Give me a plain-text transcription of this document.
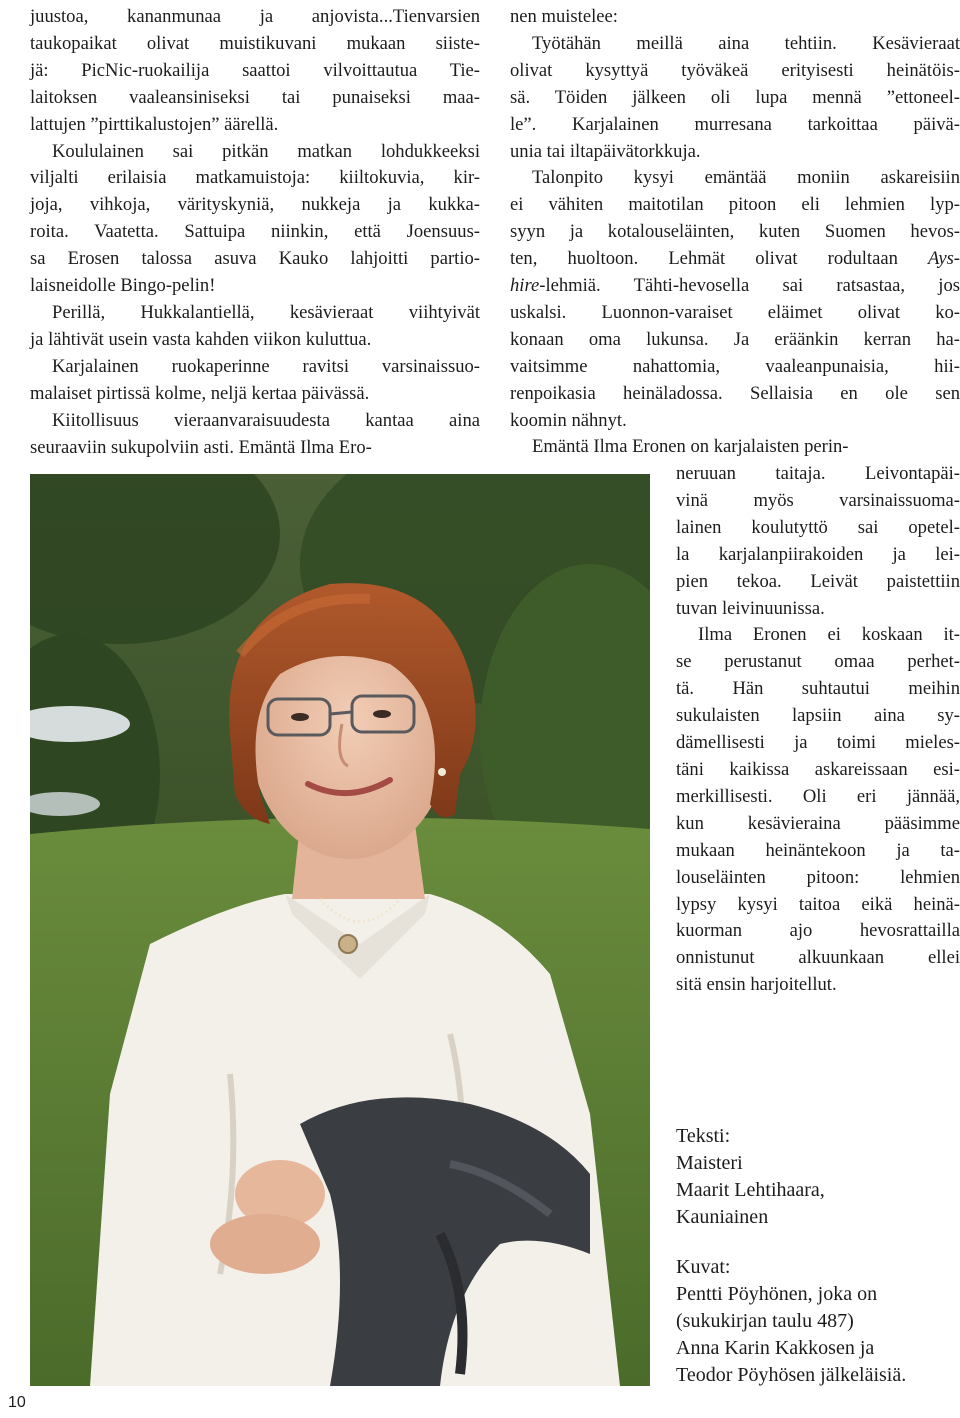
juustoa, kananmunaa ja anjovista...Tienvarsien
taukopaikat olivat muistikuvani mukaan siiste-
jä: PicNic-ruokailija saattoi vilvoittautua Tie-
laitoksen vaaleansiniseksi tai punaiseksi maa-
lattujen ”pirttikalustojen” äärellä.
Koululainen sai pitkän matkan lohdukkeeksi
viljalti erilaisia matkamuistoja: kiiltokuvia, kir-
joja, vihkoja, värityskyniä, nukkeja ja kukka-
roita. Vaatetta. Sattuipa niinkin, että Joensuus-
sa Erosen talossa asuva Kauko lahjoitti partio-
laisneidolle Bingo-pelin!
Perillä, Hukkalantiellä, kesävieraat viihtyivät
ja lähtivät usein vasta kahden viikon kuluttua.
Karjalainen ruokaperinne ravitsi varsinaissuo-
malaiset pirtissä kolme, neljä kertaa päivässä.
Kiitollisuus vieraanvaraisuudesta kantaa aina
seuraaviin sukupolviin asti. Emäntä Ilma Ero-
nen muistelee:
Työtähän meillä aina tehtiin. Kesävieraat
olivat kysyttyä työväkeä erityisesti heinätöis-
sä. Töiden jälkeen oli lupa mennä ”ettoneel-
le”. Karjalainen murresana tarkoittaa päivä-
unia tai iltapäivätorkkuja.
Talonpito kysyi emäntää moniin askareisiin
ei vähiten maitotilan pitoon eli lehmien lyp-
syyn ja kotalouseläinten, kuten Suomen hevos-
ten, huoltoon. Lehmät olivat rodultaan Ays-
hire-lehmiä. Tähti-hevosella sai ratsastaa, jos
uskalsi. Luonnon-varaiset eläimet olivat ko-
konaan oma lukunsa. Ja eräänkin kerran ha-
vaitsimme nahattomia, vaaleanpunaisia, hii-
renpoikasia heinäladossa. Sellaisia en ole sen
koomin nähnyt.
Emäntä Ilma Eronen on karjalaisten perin-
neruuan taitaja. Leivontapäi-
vinä myös varsinaissuoma-
lainen koulutyttö sai opetel-
la karjalanpiirakoiden ja lei-
pien tekoa. Leivät paistettiin
tuvan leivinuunissa.
Ilma Eronen ei koskaan it-
se perustanut omaa perhet-
tä. Hän suhtautui meihin
sukulaisten lapsiin aina sy-
dämellisesti ja toimi mieles-
täni kaikissa askareissaan esi-
merkillisesti. Oli eri jännää,
kun kesävieraina pääsimme
mukaan heinäntekoon ja ta-
louseläinten pitoon: lehmien
lypsy kysyi taitoa eikä heinä-
kuorman ajo hevosrattailla
onnistunut alkuunkaan ellei
sitä ensin harjoitellut.
Teksti:
Maisteri
Maarit Lehtihaara,
Kauniainen
Kuvat:
Pentti Pöyhönen, joka on
(sukukirjan taulu 487)
Anna Karin Kakkosen ja
Teodor Pöyhösen jälkeläisiä.
10
